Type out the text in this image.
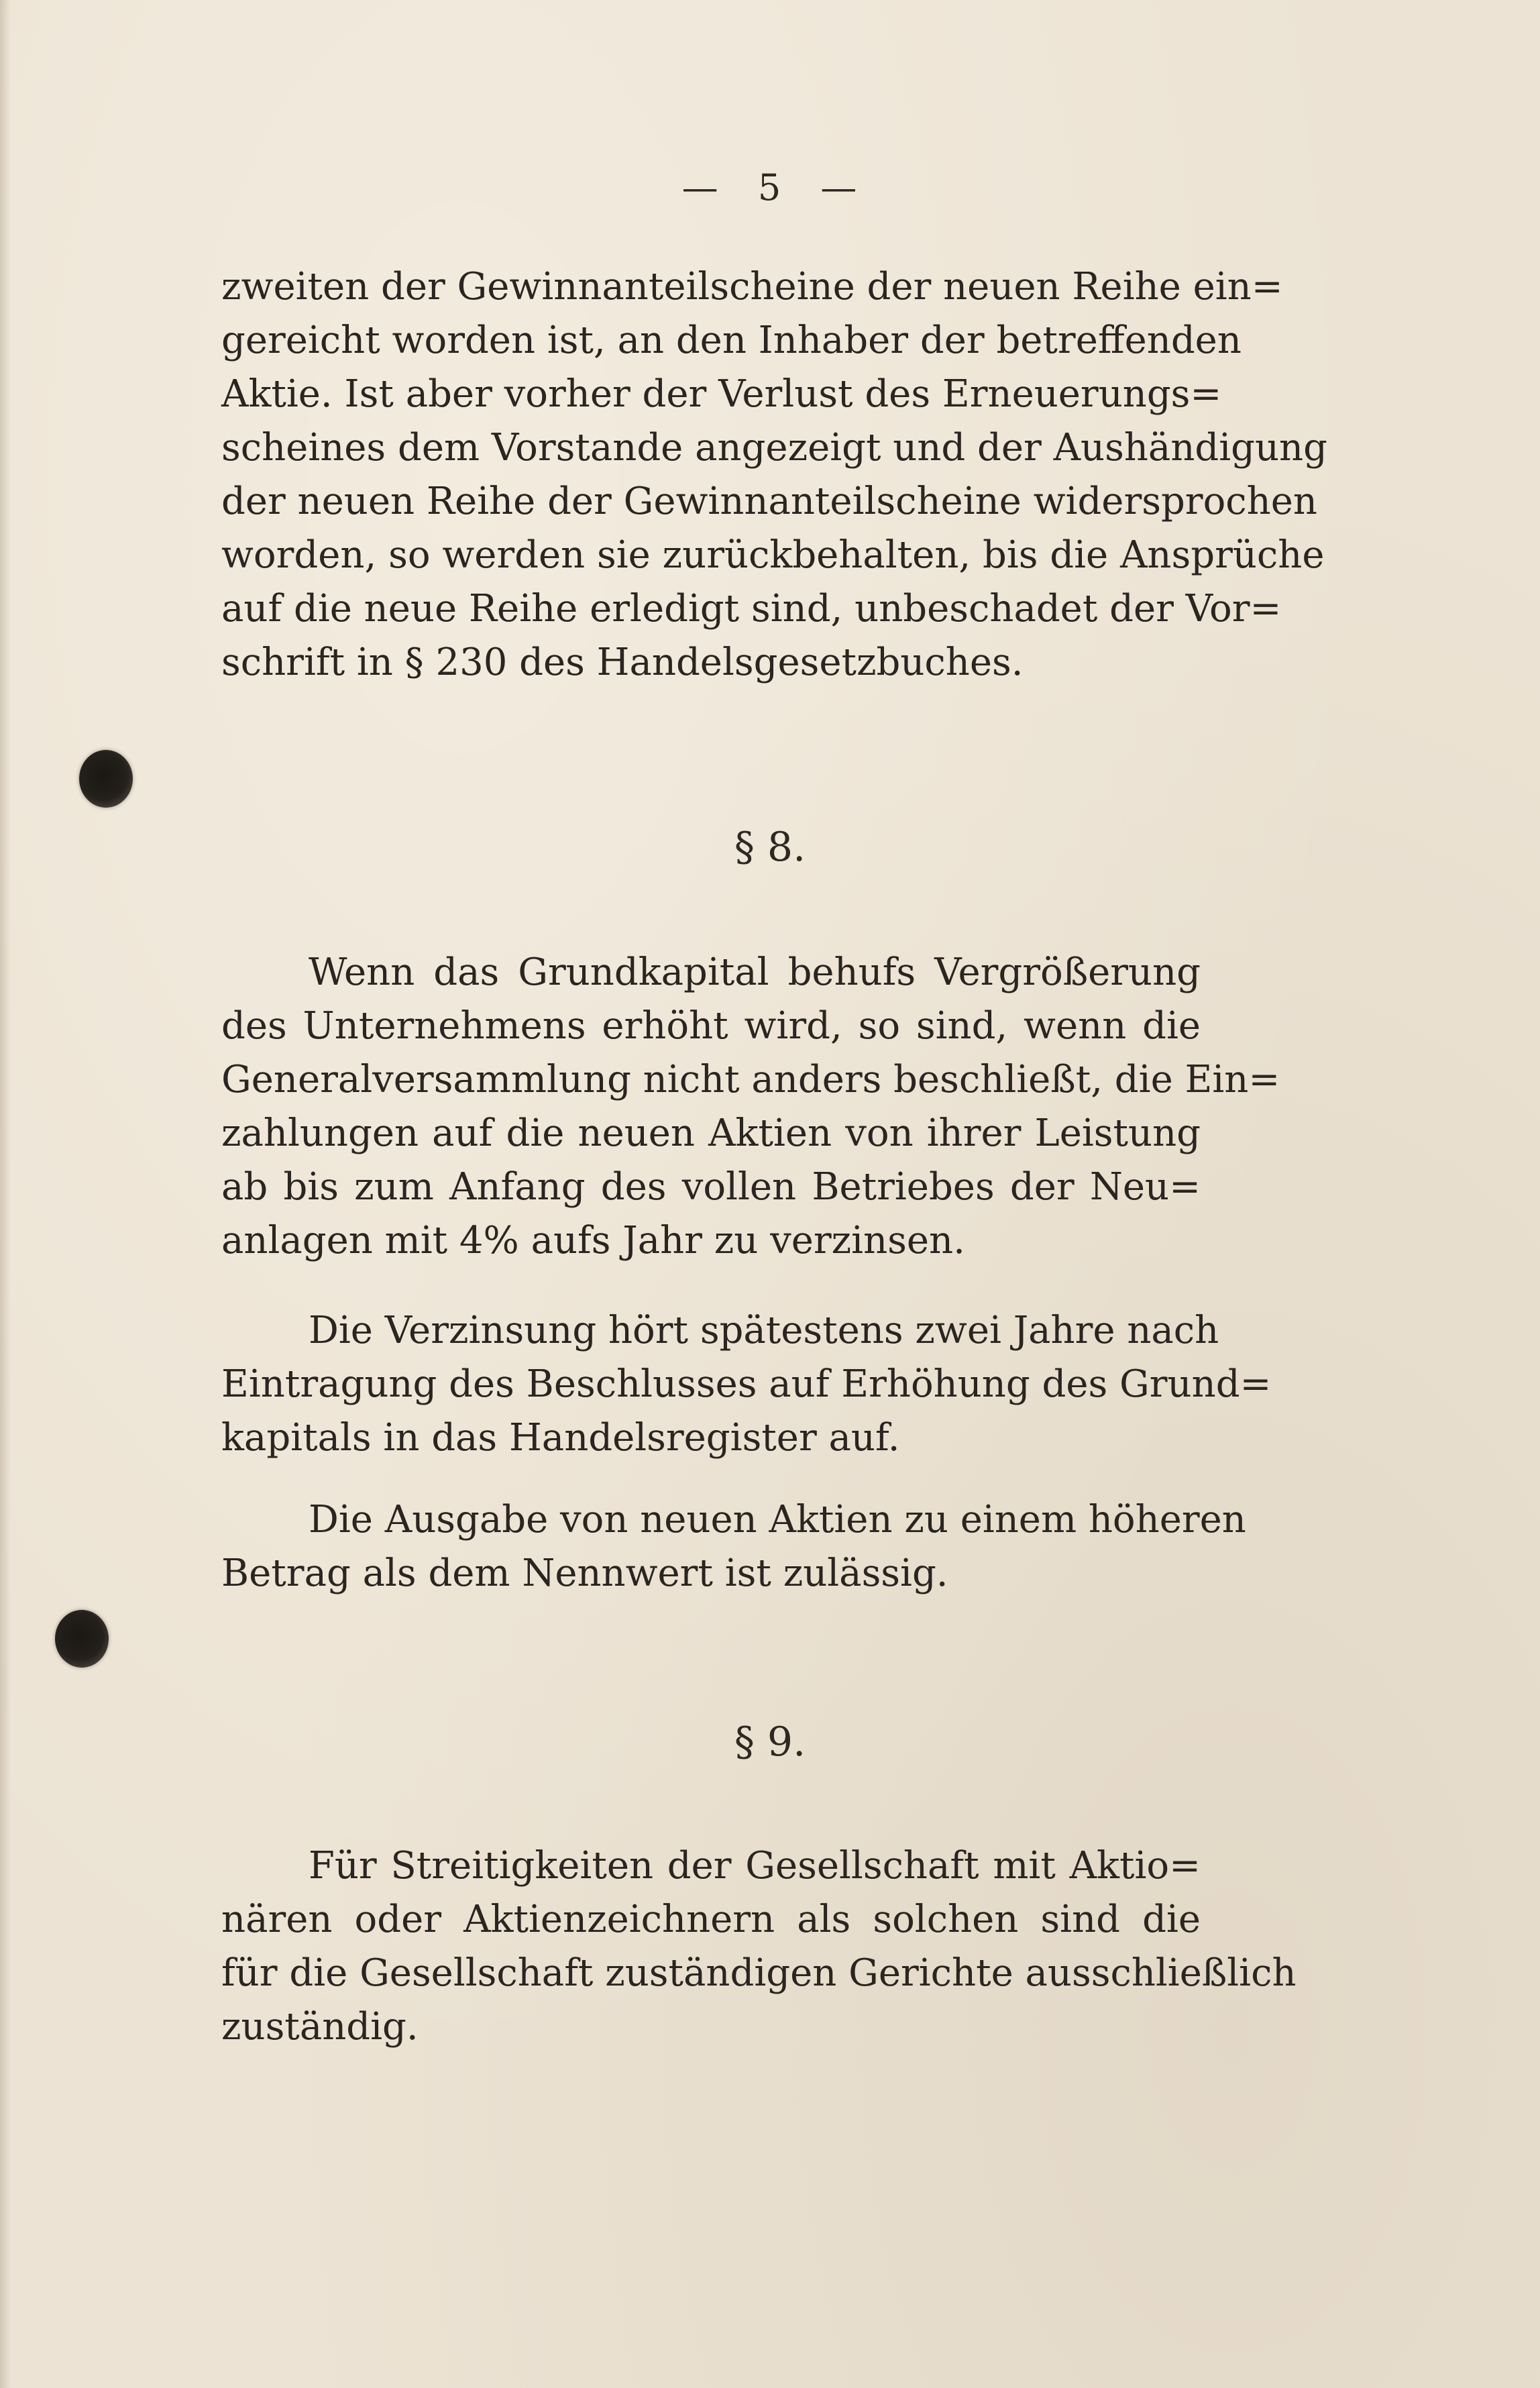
— 5 —
zweiten der Gewinnanteilscheine der neuen Reihe ein=
gereicht worden ist, an den Inhaber der betreffenden
Aktie. Ist aber vorher der Verlust des Erneuerungs=
scheines dem Vorstande angezeigt und der Aushändigung
der neuen Reihe der Gewinnanteilscheine widersprochen
worden, so werden sie zurückbehalten, bis die Ansprüche
auf die neue Reihe erledigt sind, unbeschadet der Vor=
schrift in § 230 des Handelsgesetzbuches.
§ 8.
Wenn das Grundkapital behufs Vergrößerung
des Unternehmens erhöht wird, so sind, wenn die
Generalversammlung nicht anders beschließt, die Ein=
zahlungen auf die neuen Aktien von ihrer Leistung
ab bis zum Anfang des vollen Betriebes der Neu=
anlagen mit 4% aufs Jahr zu verzinsen.
Die Verzinsung hört spätestens zwei Jahre nach
Eintragung des Beschlusses auf Erhöhung des Grund=
kapitals in das Handelsregister auf.
Die Ausgabe von neuen Aktien zu einem höheren
Betrag als dem Nennwert ist zulässig.
§ 9.
Für Streitigkeiten der Gesellschaft mit Aktio=
nären oder Aktienzeichnern als solchen sind die
für die Gesellschaft zuständigen Gerichte ausschließlich
zuständig.
